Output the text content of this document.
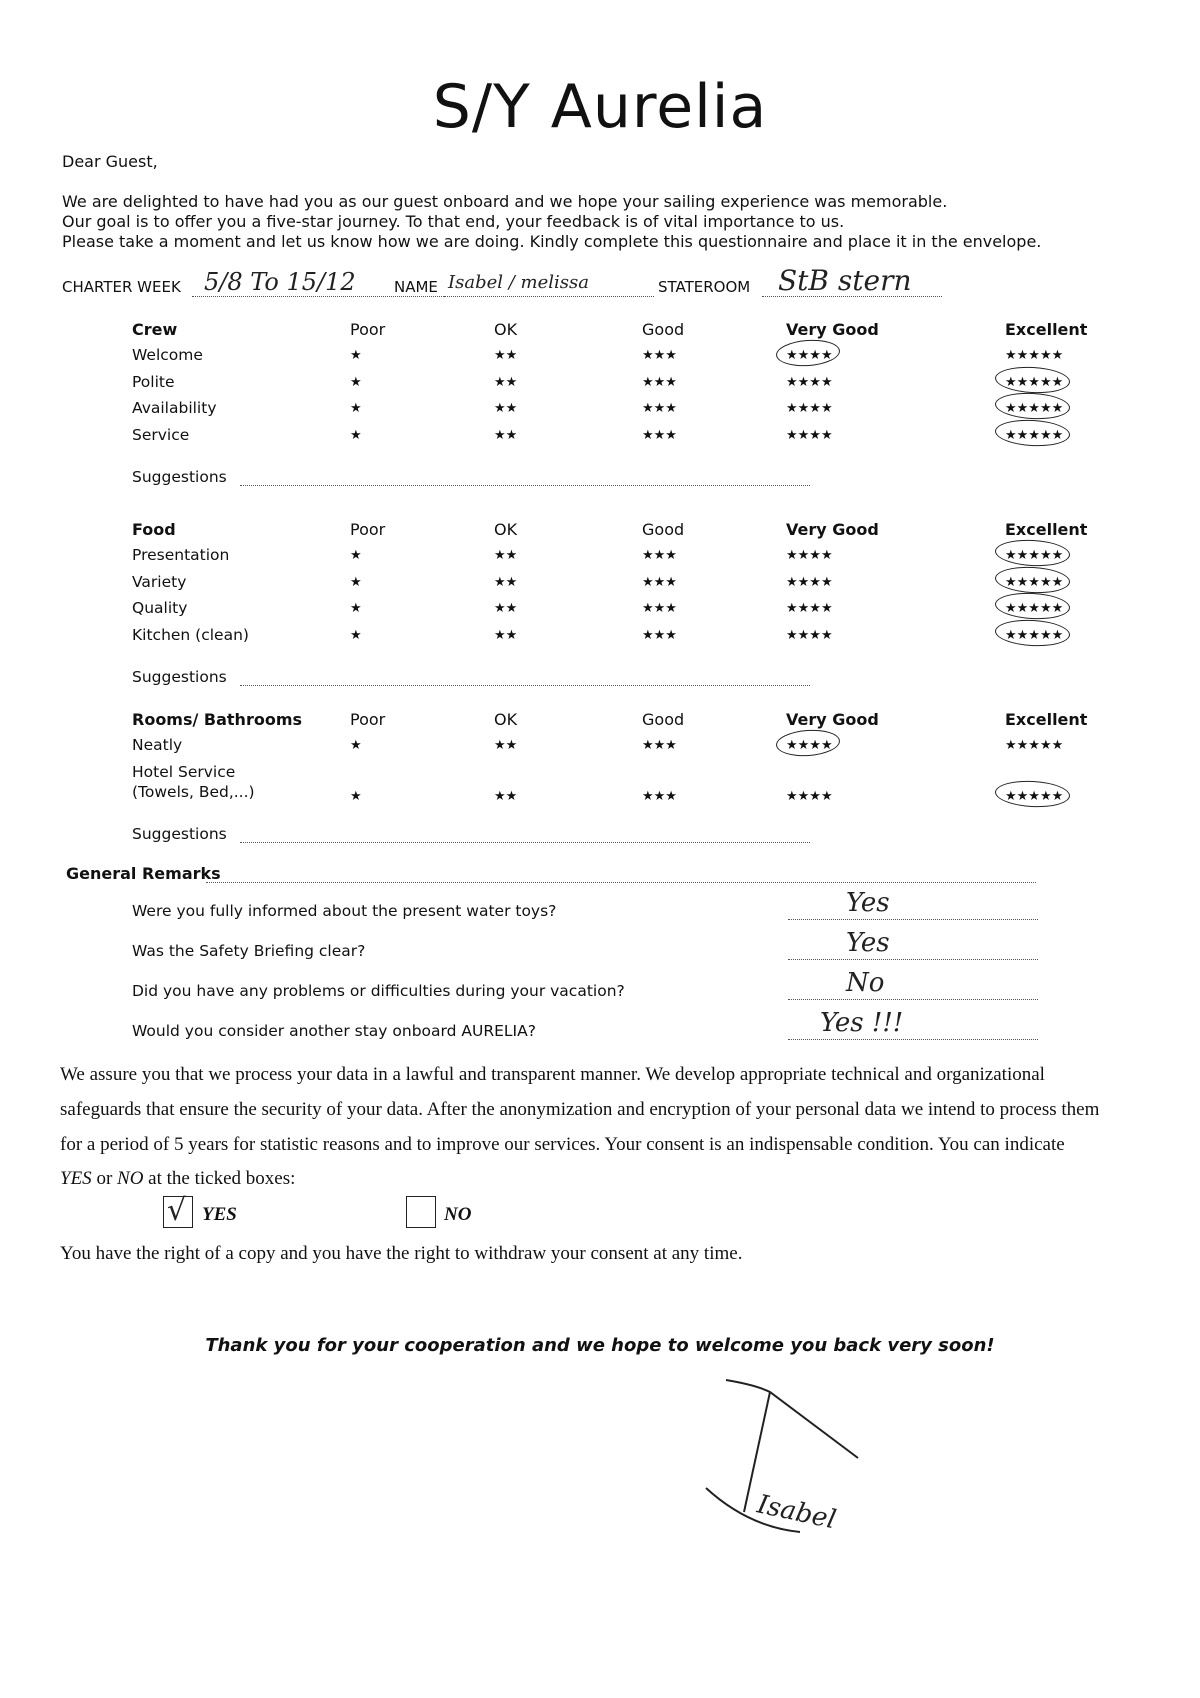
S/Y Aurelia
Dear Guest,
We are delighted to have had you as our guest onboard and we hope your sailing experience was memorable.
Our goal is to offer you a five-star journey. To that end, your feedback is of vital importance to us.
Please take a moment and let us know how we are doing. Kindly complete this questionnaire and place it in the envelope.
CHARTER WEEK 5/8 To 15/12	NAME Isabel / melissa	STATEROOM StB stern
Crew	Poor	OK	Good	Very Good	Excellent
Welcome	★	★★	★★★	★★★★	★★★★★
Polite	★	★★	★★★	★★★★	★★★★★
Availability	★	★★	★★★	★★★★	★★★★★
Service	★	★★	★★★	★★★★	★★★★★
Suggestions
Food	Poor	OK	Good	Very Good	Excellent
Presentation	★	★★	★★★	★★★★	★★★★★
Variety	★	★★	★★★	★★★★	★★★★★
Quality	★	★★	★★★	★★★★	★★★★★
Kitchen (clean)	★	★★	★★★	★★★★	★★★★★
Suggestions
Rooms/ Bathrooms	Poor	OK	Good	Very Good	Excellent
Neatly	★	★★	★★★	★★★★	★★★★★
Hotel Service
(Towels, Bed,...)	★	★★	★★★	★★★★	★★★★★
Suggestions
General Remarks
Were you fully informed about the present water toys?	Yes
Was the Safety Briefing clear?	Yes
Did you have any problems or difficulties during your vacation?	No
Would you consider another stay onboard AURELIA?	Yes !!!
We assure you that we process your data in a lawful and transparent manner. We develop appropriate technical and organizational
safeguards that ensure the security of your data. After the anonymization and encryption of your personal data we intend to process them
for a period of 5 years for statistic reasons and to improve our services. Your consent is an indispensable condition. You can indicate
YES or NO at the ticked boxes:
√ YES	NO
You have the right of a copy and you have the right to withdraw your consent at any time.
Thank you for your cooperation and we hope to welcome you back very soon!
Isabel
